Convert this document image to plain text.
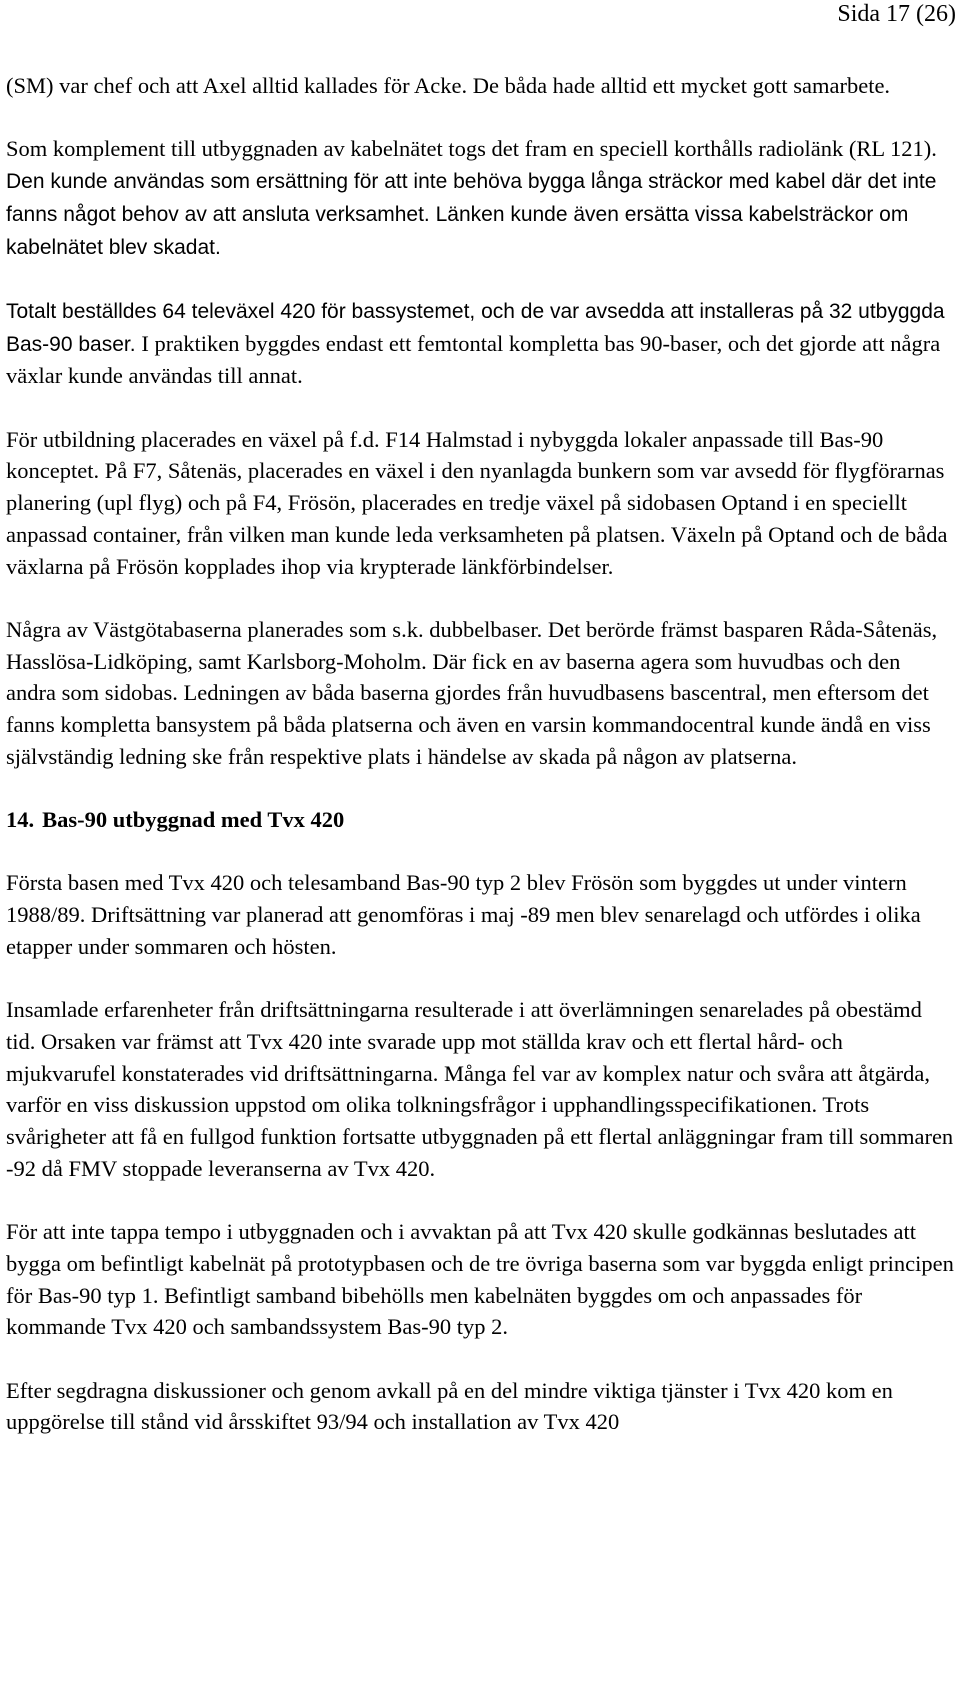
Sida 17 (26)

(SM) var chef och att Axel alltid kallades för Acke. De båda hade alltid ett mycket gott samarbete.

Som komplement till utbyggnaden av kabelnätet togs det fram en speciell korthålls radiolänk (RL 121). Den kunde användas som ersättning för att inte behöva bygga långa sträckor med kabel där det inte fanns något behov av att ansluta verksamhet. Länken kunde även ersätta vissa kabelsträckor om kabelnätet blev skadat.

Totalt beställdes 64 televäxel 420 för bassystemet, och de var avsedda att installeras på 32 utbyggda Bas-90 baser. I praktiken byggdes endast ett femtontal kompletta bas 90-baser, och det gjorde att några växlar kunde användas till annat.

För utbildning placerades en växel på f.d. F14 Halmstad i nybyggda lokaler anpassade till Bas-90 konceptet. På F7, Såtenäs, placerades en växel i den nyanlagda bunkern som var avsedd för flygförarnas planering (upl flyg) och på F4, Frösön, placerades en tredje växel på sidobasen Optand i en speciellt anpassad container, från vilken man kunde leda verksamheten på platsen. Växeln på Optand och de båda växlarna på Frösön kopplades ihop via krypterade länkförbindelser.

Några av Västgötabaserna planerades som s.k. dubbelbaser. Det berörde främst basparen Råda-Såtenäs, Hasslösa-Lidköping, samt Karlsborg-Moholm. Där fick en av baserna agera som huvudbas och den andra som sidobas. Ledningen av båda baserna gjordes från huvudbasens bascentral, men eftersom det fanns kompletta bansystem på båda platserna och även en varsin kommandocentral kunde ändå en viss självständig ledning ske från respektive plats i händelse av skada på någon av platserna.

14. Bas-90 utbyggnad med Tvx 420

Första basen med Tvx 420 och telesamband Bas-90 typ 2 blev Frösön som byggdes ut under vintern 1988/89. Driftsättning var planerad att genomföras i maj -89 men blev senarelagd och utfördes i olika etapper under sommaren och hösten.

Insamlade erfarenheter från driftsättningarna resulterade i att överlämningen senarelades på obestämd tid. Orsaken var främst att Tvx 420 inte svarade upp mot ställda krav och ett flertal hård- och mjukvarufel konstaterades vid driftsättningarna. Många fel var av komplex natur och svåra att åtgärda, varför en viss diskussion uppstod om olika tolkningsfrågor i upphandlingsspecifikationen. Trots svårigheter att få en fullgod funktion fortsatte utbyggnaden på ett flertal anläggningar fram till sommaren -92 då FMV stoppade leveranserna av Tvx 420.

För att inte tappa tempo i utbyggnaden och i avvaktan på att Tvx 420 skulle godkännas beslutades att bygga om befintligt kabelnät på prototypbasen och de tre övriga baserna som var byggda enligt principen för Bas-90 typ 1. Befintligt samband bibehölls men kabelnäten byggdes om och anpassades för kommande Tvx 420 och sambandssystem Bas-90 typ 2.

Efter segdragna diskussioner och genom avkall på en del mindre viktiga tjänster i Tvx 420 kom en uppgörelse till stånd vid årsskiftet 93/94 och installation av Tvx 420
